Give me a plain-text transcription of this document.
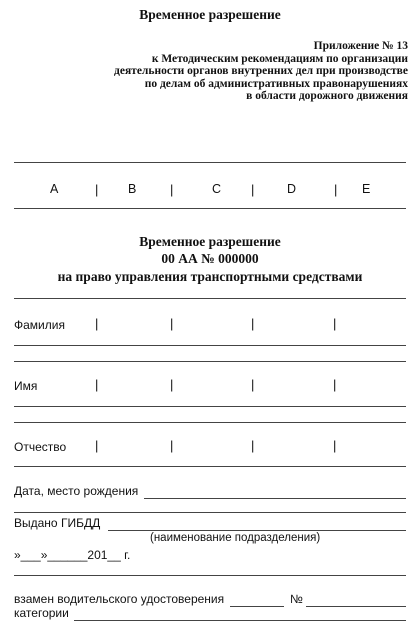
Временное разрешение
Приложение № 13
к Методическим рекомендациям по организации
деятельности органов внутренних дел при производстве
по делам об административных правонарушениях
в области дорожного движения
A	| B	|	C |	D	| E
Временное разрешение
00 АА № 000000
на право управления транспортными средствами
Фамилия |	|	|	|
Имя	|	|	|	|
Отчество |	|	|	|
Дата, место рождения
Выдано ГИБДД
(наименование подразделения)
»___»______201__ г.
взамен водительского удостоверения	№
категории
